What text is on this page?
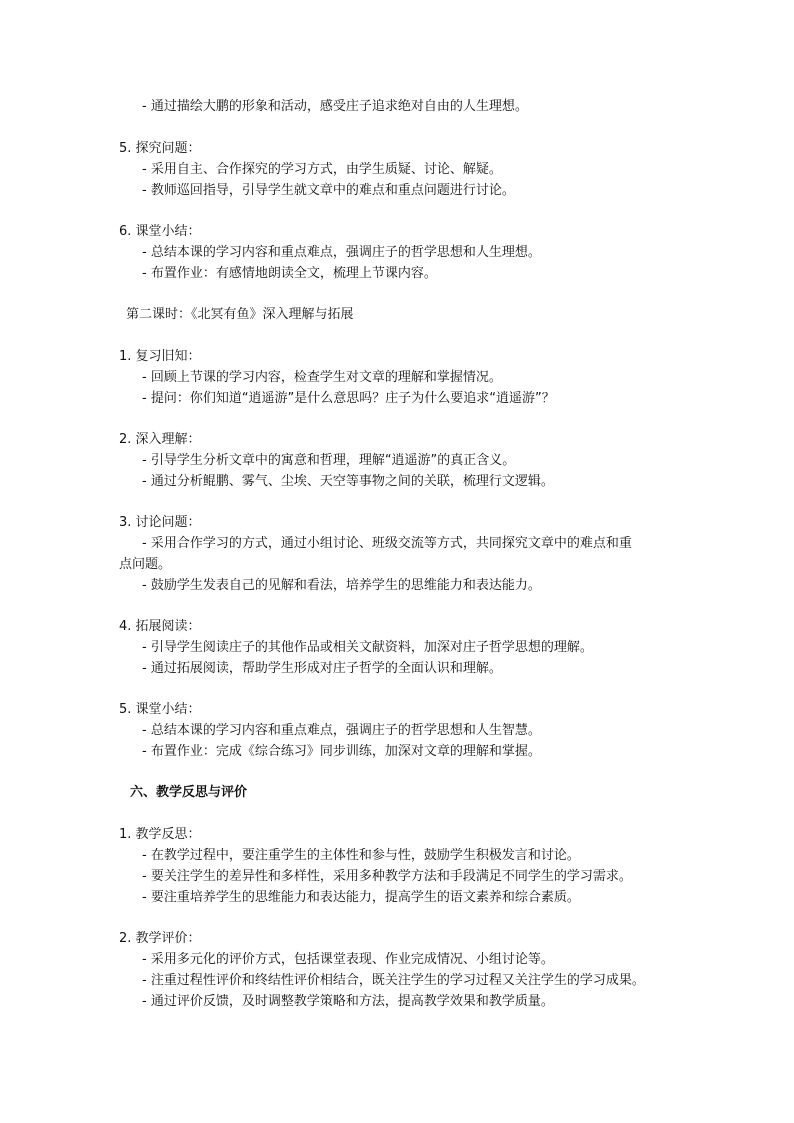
- 通过描绘大鹏的形象和活动，感受庄子追求绝对自由的人生理想。
5. 探究问题：
- 采用自主、合作探究的学习方式，由学生质疑、讨论、解疑。
- 教师巡回指导，引导学生就文章中的难点和重点问题进行讨论。
6. 课堂小结：
- 总结本课的学习内容和重点难点，强调庄子的哲学思想和人生理想。
- 布置作业：有感情地朗读全文，梳理上节课内容。
第二课时：《北冥有鱼》深入理解与拓展
1. 复习旧知：
- 回顾上节课的学习内容，检查学生对文章的理解和掌握情况。
- 提问：你们知道“逍遥游”是什么意思吗？庄子为什么要追求“逍遥游”？
2. 深入理解：
- 引导学生分析文章中的寓意和哲理，理解“逍遥游”的真正含义。
- 通过分析鲲鹏、雾气、尘埃、天空等事物之间的关联，梳理行文逻辑。
3. 讨论问题：
- 采用合作学习的方式，通过小组讨论、班级交流等方式，共同探究文章中的难点和重
点问题。
- 鼓励学生发表自己的见解和看法，培养学生的思维能力和表达能力。
4. 拓展阅读：
- 引导学生阅读庄子的其他作品或相关文献资料，加深对庄子哲学思想的理解。
- 通过拓展阅读，帮助学生形成对庄子哲学的全面认识和理解。
5. 课堂小结：
- 总结本课的学习内容和重点难点，强调庄子的哲学思想和人生智慧。
- 布置作业：完成《综合练习》同步训练，加深对文章的理解和掌握。
六、教学反思与评价
1. 教学反思：
- 在教学过程中，要注重学生的主体性和参与性，鼓励学生积极发言和讨论。
- 要关注学生的差异性和多样性，采用多种教学方法和手段满足不同学生的学习需求。
- 要注重培养学生的思维能力和表达能力，提高学生的语文素养和综合素质。
2. 教学评价：
- 采用多元化的评价方式，包括课堂表现、作业完成情况、小组讨论等。
- 注重过程性评价和终结性评价相结合，既关注学生的学习过程又关注学生的学习成果。
- 通过评价反馈，及时调整教学策略和方法，提高教学效果和教学质量。
